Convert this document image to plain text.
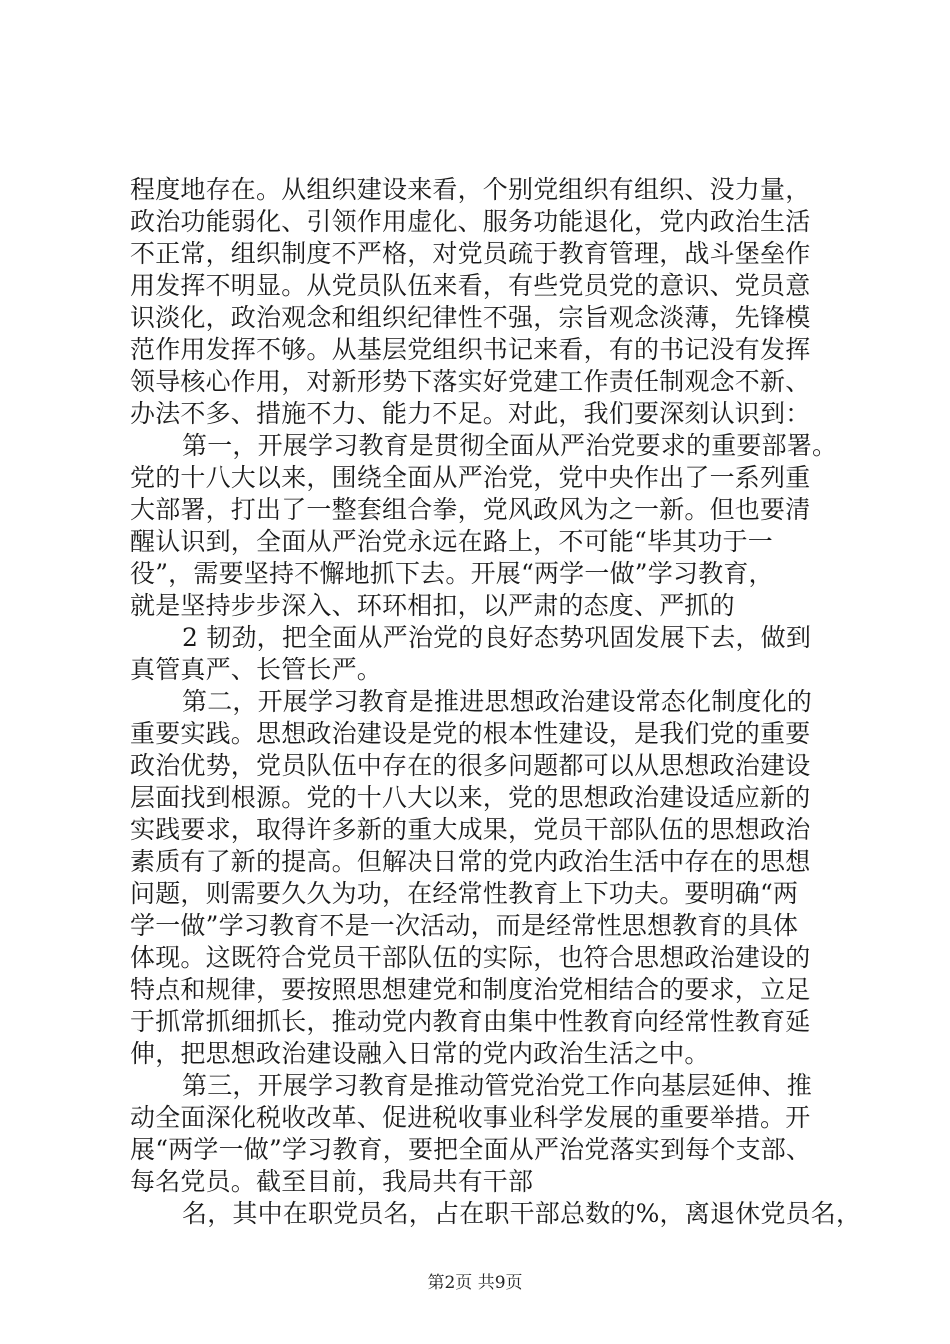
程度地存在。从组织建设来看，个别党组织有组织、没力量，
政治功能弱化、引领作用虚化、服务功能退化，党内政治生活
不正常，组织制度不严格，对党员疏于教育管理，战斗堡垒作
用发挥不明显。从党员队伍来看，有些党员党的意识、党员意
识淡化，政治观念和组织纪律性不强，宗旨观念淡薄，先锋模
范作用发挥不够。从基层党组织书记来看，有的书记没有发挥
领导核心作用，对新形势下落实好党建工作责任制观念不新、
办法不多、措施不力、能力不足。对此，我们要深刻认识到：
第一，开展学习教育是贯彻全面从严治党要求的重要部署。
党的十八大以来，围绕全面从严治党，党中央作出了一系列重
大部署，打出了一整套组合拳，党风政风为之一新。但也要清
醒认识到，全面从严治党永远在路上，不可能“毕其功于一
役”，需要坚持不懈地抓下去。开展“两学一做”学习教育，
就是坚持步步深入、环环相扣，以严肃的态度、严抓的
2 韧劲，把全面从严治党的良好态势巩固发展下去，做到
真管真严、长管长严。
第二，开展学习教育是推进思想政治建设常态化制度化的
重要实践。思想政治建设是党的根本性建设，是我们党的重要
政治优势，党员队伍中存在的很多问题都可以从思想政治建设
层面找到根源。党的十八大以来，党的思想政治建设适应新的
实践要求，取得许多新的重大成果，党员干部队伍的思想政治
素质有了新的提高。但解决日常的党内政治生活中存在的思想
问题，则需要久久为功，在经常性教育上下功夫。要明确“两
学一做”学习教育不是一次活动，而是经常性思想教育的具体
体现。这既符合党员干部队伍的实际，也符合思想政治建设的
特点和规律，要按照思想建党和制度治党相结合的要求，立足
于抓常抓细抓长，推动党内教育由集中性教育向经常性教育延
伸，把思想政治建设融入日常的党内政治生活之中。
第三，开展学习教育是推动管党治党工作向基层延伸、推
动全面深化税收改革、促进税收事业科学发展的重要举措。开
展“两学一做”学习教育，要把全面从严治党落实到每个支部、
每名党员。截至目前，我局共有干部
名，其中在职党员名，占在职干部总数的%，离退休党员名，
第2页 共9页
